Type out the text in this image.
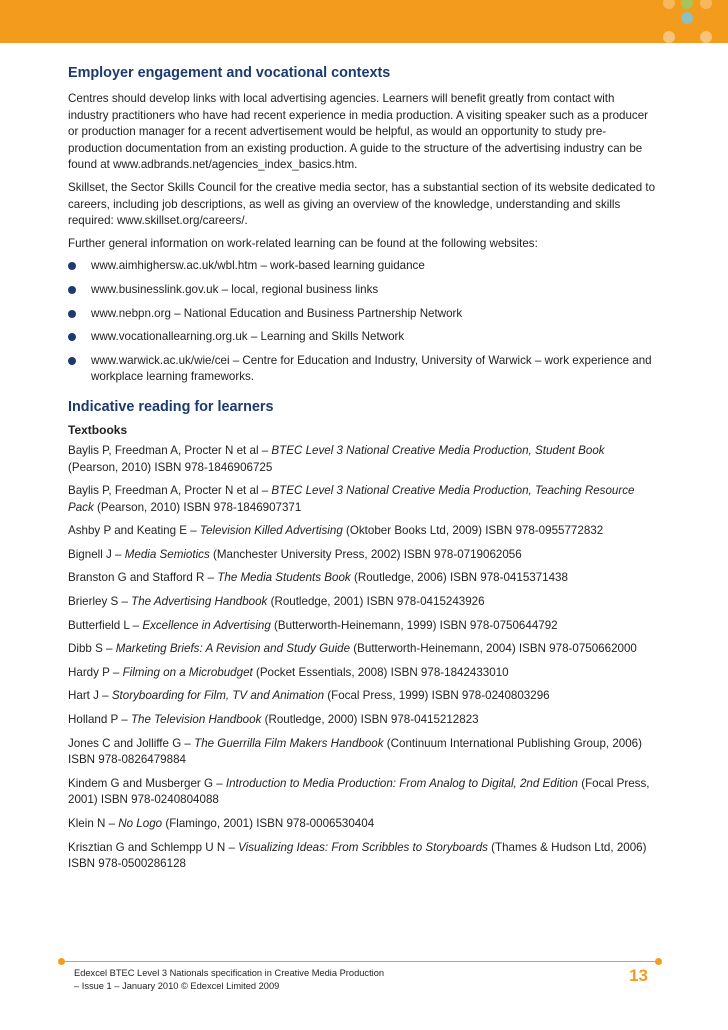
Employer engagement and vocational contexts

Centres should develop links with local advertising agencies. Learners will benefit greatly from contact with industry practitioners who have had recent experience in media production. A visiting speaker such as a producer or production manager for a recent advertisement would be helpful, as would an opportunity to study pre-production documentation from an existing production. A guide to the structure of the advertising industry can be found at www.adbrands.net/agencies_index_basics.htm.

Skillset, the Sector Skills Council for the creative media sector, has a substantial section of its website dedicated to careers, including job descriptions, as well as giving an overview of the knowledge, understanding and skills required: www.skillset.org/careers/.

Further general information on work-related learning can be found at the following websites:

www.aimhighersw.ac.uk/wbl.htm – work-based learning guidance
www.businesslink.gov.uk – local, regional business links
www.nebpn.org – National Education and Business Partnership Network
www.vocationallearning.org.uk – Learning and Skills Network
www.warwick.ac.uk/wie/cei – Centre for Education and Industry, University of Warwick – work experience and workplace learning frameworks.
Indicative reading for learners
Textbooks

Baylis P, Freedman A, Procter N et al – BTEC Level 3 National Creative Media Production, Student Book (Pearson, 2010) ISBN 978-1846906725

Baylis P, Freedman A, Procter N et al – BTEC Level 3 National Creative Media Production, Teaching Resource Pack (Pearson, 2010) ISBN 978-1846907371

Ashby P and Keating E – Television Killed Advertising (Oktober Books Ltd, 2009) ISBN 978-0955772832

Bignell J – Media Semiotics (Manchester University Press, 2002) ISBN 978-0719062056

Branston G and Stafford R – The Media Students Book (Routledge, 2006) ISBN 978-0415371438

Brierley S – The Advertising Handbook (Routledge, 2001) ISBN 978-0415243926

Butterfield L – Excellence in Advertising (Butterworth-Heinemann, 1999) ISBN 978-0750644792

Dibb S – Marketing Briefs: A Revision and Study Guide (Butterworth-Heinemann, 2004) ISBN 978-0750662000

Hardy P – Filming on a Microbudget (Pocket Essentials, 2008) ISBN 978-1842433010

Hart J – Storyboarding for Film, TV and Animation (Focal Press, 1999) ISBN 978-0240803296

Holland P – The Television Handbook (Routledge, 2000) ISBN 978-0415212823

Jones C and Jolliffe G – The Guerrilla Film Makers Handbook (Continuum International Publishing Group, 2006) ISBN 978-0826479884

Kindem G and Musberger G – Introduction to Media Production: From Analog to Digital, 2nd Edition (Focal Press, 2001) ISBN 978-0240804088

Klein N – No Logo (Flamingo, 2001) ISBN 978-0006530404

Krisztian G and Schlempp U N – Visualizing Ideas: From Scribbles to Storyboards (Thames & Hudson Ltd, 2006) ISBN 978-0500286128

Edexcel BTEC Level 3 Nationals specification in Creative Media Production
– Issue 1 – January 2010 © Edexcel Limited 2009
13
